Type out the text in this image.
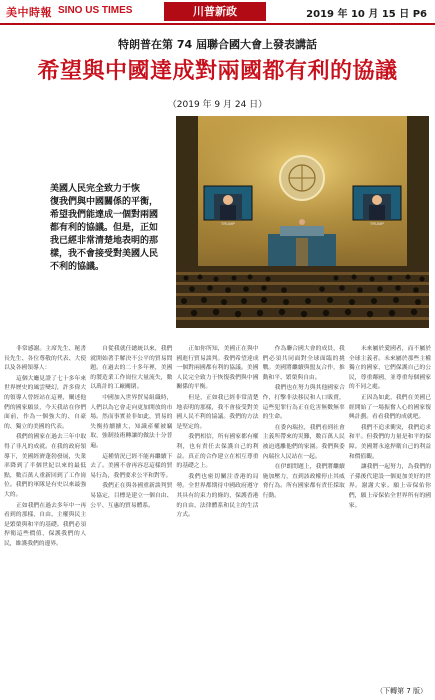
美中時報 SINO US TIMES	川普新政	2019 年 10 月 15 日 P6
特朗普在第 74 屆聯合國大會上發表講話
希望與中國達成對兩國都有利的協議
（2019 年 9 月 24 日）
TRUMP	TRUMP

美國人民完全致力于恢

復我們與中國關係的平衡，

希望我們能達成一個對兩國

都有利的協議。但是，正如

我已經非常清楚地表明的那

樣，我不會接受對美國人民

不利的協議。

非常感謝。主席先生、秘書長先生、各位尊敬的代表、大使以及各國領導人：

這個大廳見證了七十多年來世界歷史的風雲變幻，許多偉大的領導人曾經站在這裡，闡述他們的國家願景，今天我站在你們面前，作為一個強大的、自豪的、獨立的美國的代表。

我們的國家在過去三年中取得了非凡的成就。在我的政府領導下，美國經濟蓬勃發展，失業率降到了半個世紀以來的最低點，數百萬人重新回到了工作崗位。我們的軍隊是有史以來最強大的。

正如我們在過去多年中一再看到的那樣，自由、主權與民主是繁榮與和平的基礎。我們必須捍衛這些價值，保護我們的人民，維護我們的邊界。

自從我就任總統以來，我們就開始著手解決不公平的貿易問題。在過去的二十多年裡，美國的製造業工作崗位大量流失，數以萬計的工廠關閉。

中國加入世界貿易組織時，人們以為它會走向更加開放的市場。然而事實並非如此，貿易的失衡持續擴大，知識產權被竊取，強制技術轉讓的做法十分普遍。

這種情況已經不能再繼續下去了。美國不會再容忍這樣的貿易行為，我們要求公平和對等。

我們正在與各國重新談判貿易協定，目標是建立一個自由、公平、互惠的貿易體系。

正如你所知，美國正在與中國進行貿易談判。我們希望達成一個對兩國都有利的協議。美國人民完全致力于恢復我們與中國關係的平衡。

但是，正如我已經非常清楚地表明的那樣，我不會接受對美國人民不利的協議。我們的方法是堅定的。

我們相信，所有國家都有權利，也有責任去保護自己的利益。真正的合作建立在相互尊重的基礎之上。

我們也密切關注香港的局勢。全世界都期待中國政府遵守其具有約束力的條約，保護香港的自由、法律體系和民主的生活方式。

作為聯合國大會的成員，我們必須共同面對全球面臨的挑戰。美國將繼續與盟友合作，推動和平、繁榮與自由。

我們也在努力與其他國家合作，打擊非法移民和人口販賣，這些犯罪行為正在危害無數無辜的生命。

在委內瑞拉，我們看到社會主義所帶來的災難，數百萬人民被迫逃離他們的家園。我們與委內瑞拉人民站在一起。

在伊朗問題上，我們將繼續施加壓力，直到該政權停止其威脅行為。所有國家都有責任採取行動。

未來屬於愛國者，而不屬於全球主義者。未來屬於那些主權獨立的國家，它們保護自己的公民，尊重鄰國，並尊重每個國家的不同之處。

正因為如此，我們在美國已經開始了一場振奮人心的國家復興計劃。看看我們的成就吧。

我們不追求衝突，我們追求和平。但我們的力量是和平的保障。美國將永遠捍衛自己的利益和價值觀。

讓我們一起努力，為我們的子孫後代建設一個更加美好的世界。謝謝大家。願上帝保佑你們，願上帝保佑全世界所有的國家。

（下轉第 7 版）
